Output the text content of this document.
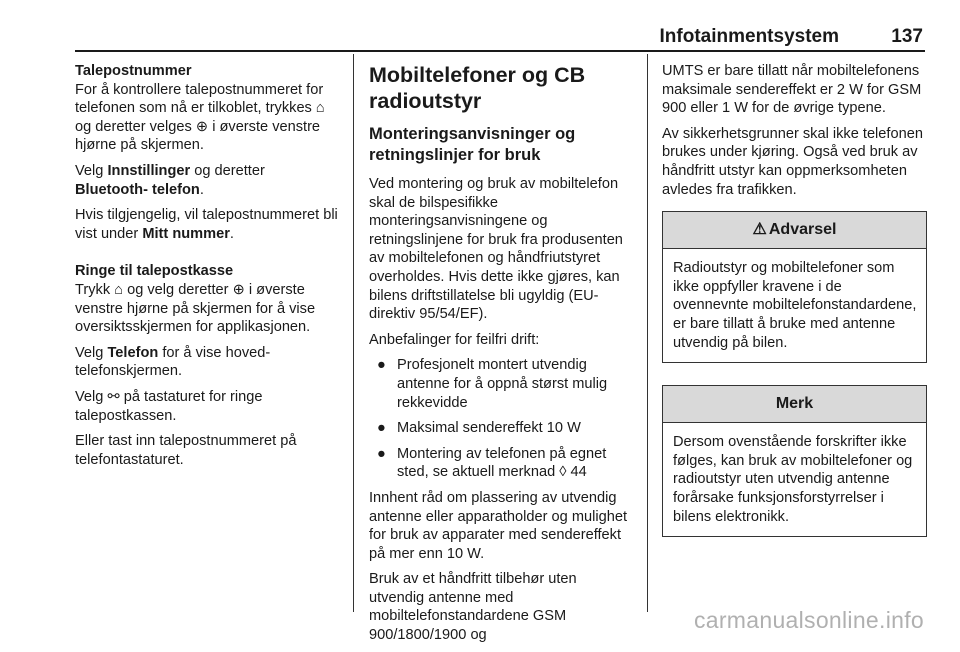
Infotainmentsystem	137

Talepostnummer

For å kontrollere talepostnummeret for telefonen som nå er tilkoblet, trykkes ⌂ og deretter velges ⊕ i øverste venstre hjørne på skjermen.

Velg Innstillinger og deretter Bluetooth- telefon.

Hvis tilgjengelig, vil talepostnummeret bli vist under Mitt nummer.

Ringe til talepostkasse

Trykk ⌂ og velg deretter ⊕ i øverste venstre hjørne på skjermen for å vise oversiktsskjermen for applikasjonen.

Velg Telefon for å vise hoved-telefonskjermen.

Velg ⚯ på tastaturet for ringe talepostkassen.

Eller tast inn talepostnummeret på telefontastaturet.

Mobiltelefoner og CB radioutstyr
Monteringsanvisninger og retningslinjer for bruk

Ved montering og bruk av mobiltelefon skal de bilspesifikke monteringsanvisningene og retningslinjene for bruk fra produsenten av mobiltelefonen og håndfriutstyret overholdes. Hvis dette ikke gjøres, kan bilens driftstillatelse bli ugyldig (EU-direktiv 95/54/EF).

Anbefalinger for feilfri drift:

● Profesjonelt montert utvendig antenne for å oppnå størst mulig rekkevidde
● Maksimal sendereffekt 10 W
● Montering av telefonen på egnet sted, se aktuell merknad ◊ 44

Innhent råd om plassering av utvendig antenne eller apparatholder og mulighet for bruk av apparater med sendereffekt på mer enn 10 W.

Bruk av et håndfritt tilbehør uten utvendig antenne med mobiltelefonstandardene GSM 900/1800/1900 og

UMTS er bare tillatt når mobiltelefonens maksimale sendereffekt er 2 W for GSM 900 eller 1 W for de øvrige typene.

Av sikkerhetsgrunner skal ikke telefonen brukes under kjøring. Også ved bruk av håndfritt utstyr kan oppmerksomheten avledes fra trafikken.

⚠ Advarsel
Radioutstyr og mobiltelefoner som ikke oppfyller kravene i de ovennevnte mobiltelefonstandardene, er bare tillatt å bruke med antenne utvendig på bilen.
Merk
Dersom ovenstående forskrifter ikke følges, kan bruk av mobiltelefoner og radioutstyr uten utvendig antenne forårsake funksjonsforstyrrelser i bilens elektronikk.
carmanualsonline.info
